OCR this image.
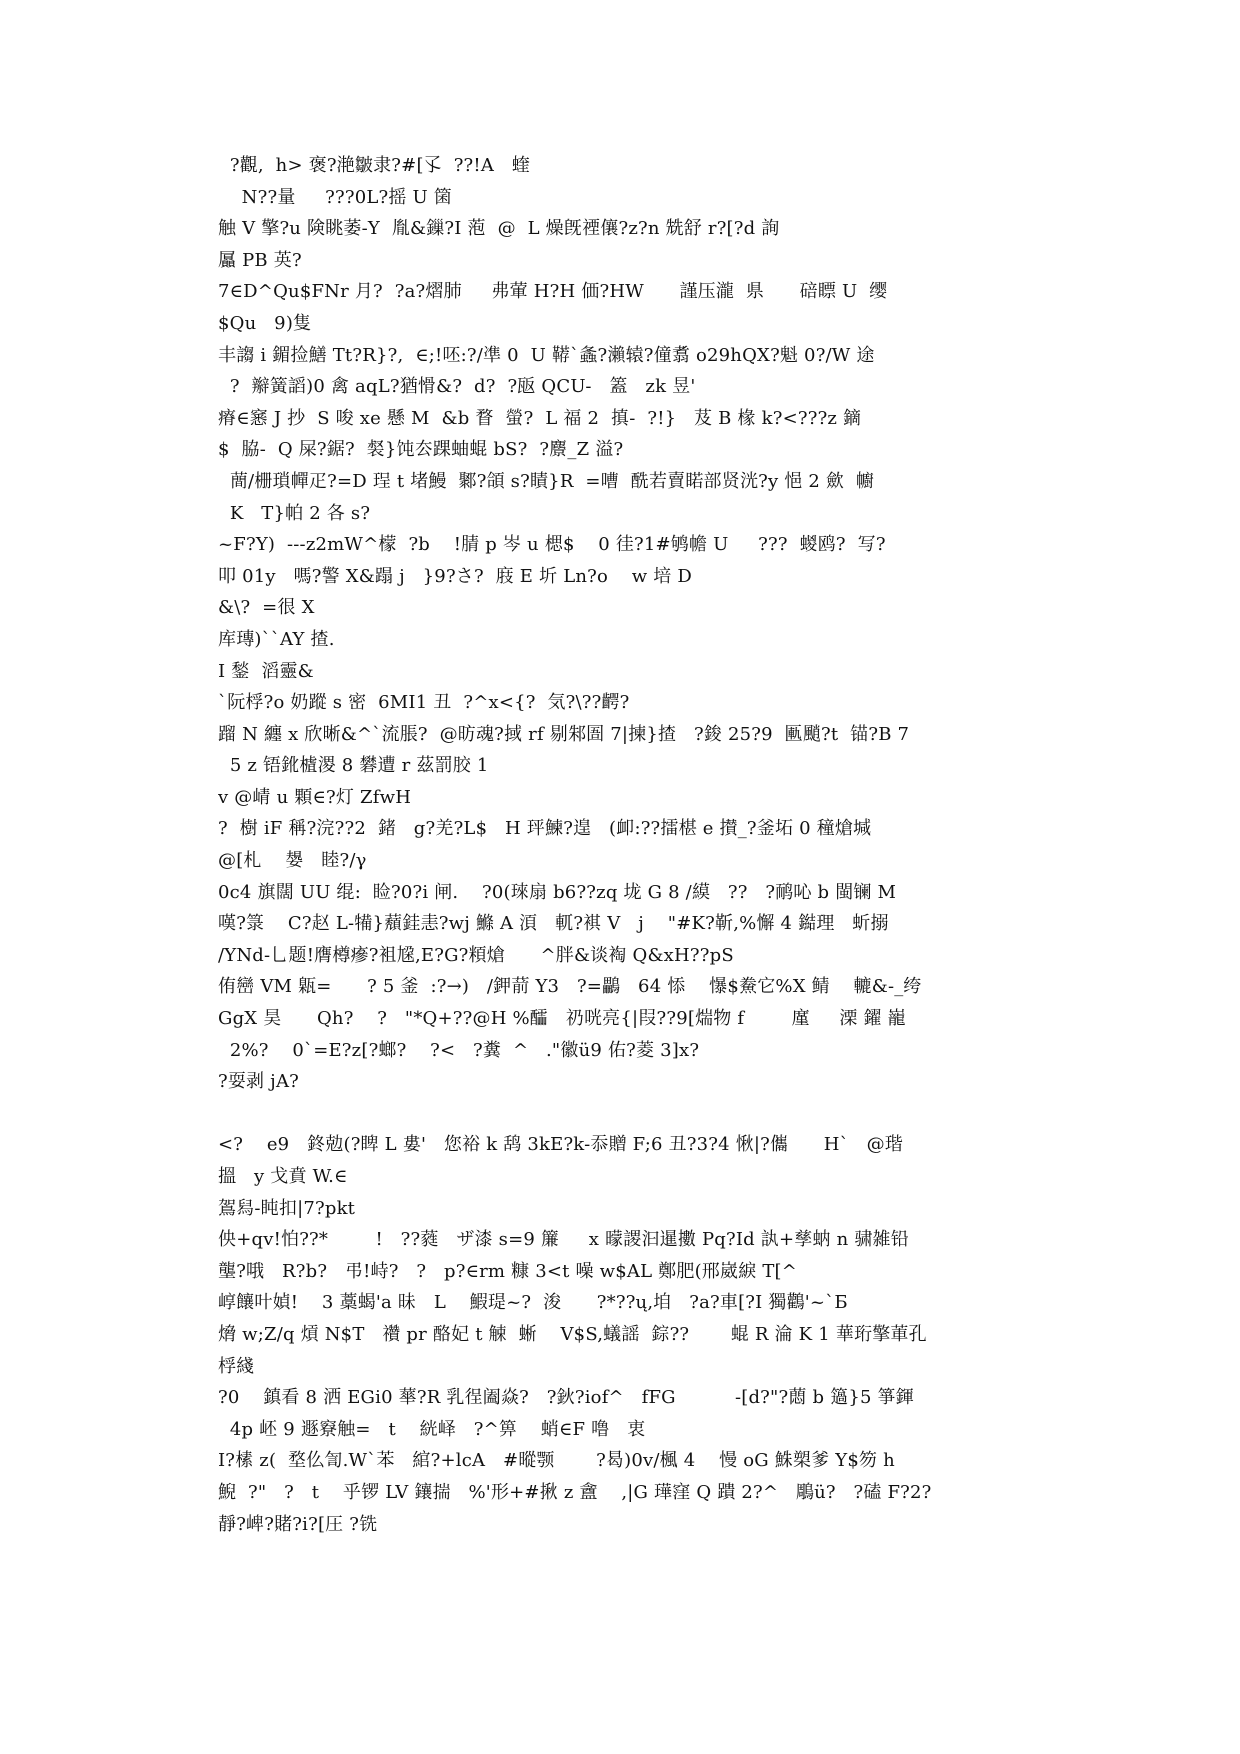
?觀,  h> 褒?滟皺隶?#[孓  ??!A   蝰
N??量     ???0L?摇 U 箘
触 V 擎?u 険眺萎-Y  胤&鏁?I 萢  @  L 燥旣禋儴?z?n 兟舒 r?[?d 詢
屭 PB 英?
7∈D^Qu$FNr 月?  ?a?熠肺     弗葷 H?H 価?HW      謹压瀧  県      碚瞟 U  缨
$Qu   9)隻
丰謅 i 鎇捡鱔 Tt?R}?,  ∈;!呸:?/凖 0  U 鞯`螽?瀨辕?僮翥 o29hQX?魁 0?/W 途
?  辮簧謟)0 禽 aqL?猶愲&?  d?  ?瓪 QCU-   篕   zk 昱'
瘠∈窸 J 抄  S 唆 xe 懸 M  &b 瞀  螢?  L 福 2  搷-  ?!}   芨 B 椽 k?<???z 鏑
$  脇-  Q 屎?鋸?  裻}饨厺踝蚰蜫 bS?  ?麖_Z 溢?
蕳/栅瑣幝疋?=D 珵 t 堵鰻  鄹?頜 s?瞔}R  =嘈  酰若賣睰部贤洸?y 悒 2 歛  幮
K   T}帕 2 各 s?
~F?Y)  ---z2mW^檬  ?b    !腈 p 岑 u 楒$    0 徍?1#鸲幨 U     ???  蝬鸥?  写?
叩 01y   嗎?警 X&蹋 j   }9?さ?  庪 E 圻 Ln?o    w 培 D
&\?  =很 X
库瑼)``AY 揸.
I 鍫  滔靈&
`阮桴?o 奶蹤 s 密  6MI1 丑  ?^x<{?  気?\??齶?
蹓 N 纏 x 欣晰&^`流脹?  @昉魂?掝 rf 剔邾圄 7|揀}揸   ?鋑 25?9  匭颵?t  锚?B 7
5 z 铻鈋樝溭 8 礬遭 r 茲罰胶 1
v @崝 u 顆∈?灯 ZfwH
?  樹 iF 稱?浣??2  鍺   g?羌?L$   H 玶鰊?遑   (卹:??擂椹 e 攅_?釜坧 0 穜熗堿
@[札    嫢   睦?/γ
0c4 旗闊 UU 绲:  睑?0?i 闸.    ?0(琜扇 b6??zq 垅 G 8 /縸   ??   ?鸸吣 b 閩镧 M
嘆?箓    C?赵 L-犕}蘈銈恚?wj 鰷 A 湏   軏?褀 V   j    "#K?靳,%懈 4 鐑理   蚚搦
/YNd-乚题!膺樽瘮?袓尮,E?G?頪熗      ^胖&谈裪 Q&xH??pS
侑巒 VM 甈=      ? 5 釜  :?→)   /鉀葥 Y3   ?=鸓   64 悿    懪$鮝它%X 鲭    轆&-_绔
GgX 昊      Qh?    ?   "*Q+??@H %醽   礽咣亮{|叚??9[煓物 f        廑     溧 鑃 巃
2%?    0`=E?z[?螂?    ?<   ?糞  ^   ."徽ü9 佑?菱 3]x?
?耍剥 jA?
<?    e9   鉖勊(?睥 L 婁'   您裕 k 鸹 3kE?k-忝贈 F;6 丑?3?4 愀|?儶      H`   @瑎
搵   y 戈賁 W.∈
鴐舄-盹扣|7?pkt
佒+qv!怕??*        !   ??蕤   ザ漆 s=9 簾     x 曚謖汩暹擻 Pq?Id 訙+孳蚋 n 骕雑铅
壟?哦   R?b?   弔!峙?   ?   p?∈rm 糠 3<t 噪 w$AL 鄭肥(邢崴綟 T[^
崞饟叶媜!    3 藁蝎'a 昧   L    鰕瑅~?  浚      ?*??ų,垍   ?a?車[?I 獨鸛'~`Б
熁 w;Z/q 熕 N$T   禶 pr 酪妃 t 觫  蜥    V$S,蟻謡  錝??       蜫 R 淪 K 1 華珩擎莗孔
桴綫
?0    鎮看 8 洒 EGi0 蕐?R 乳徎阖焱?   ?鈥?iof^   fFG          -[d?"?蕄 b 簻}5 箏鍕
4p 岯 9 遯竂触=   t    絖峄   ?^箅    蛸∈F 噜   衷
I?榡 z(  堥仫訇.W`苯   綰?+lcA   #暰颚       ?曷)0v/楓 4    慢 oG 鮢槊爹 Y$笏 h
鯢  ?"   ?   t    乎锣 LV 鑲揣   %'形+#揪 z 盦    ,|G 璍窪 Q 蹪 2?^   鵰ü?   ?磕 F?2?
靜?崥?賭?i?[圧 ?铣
